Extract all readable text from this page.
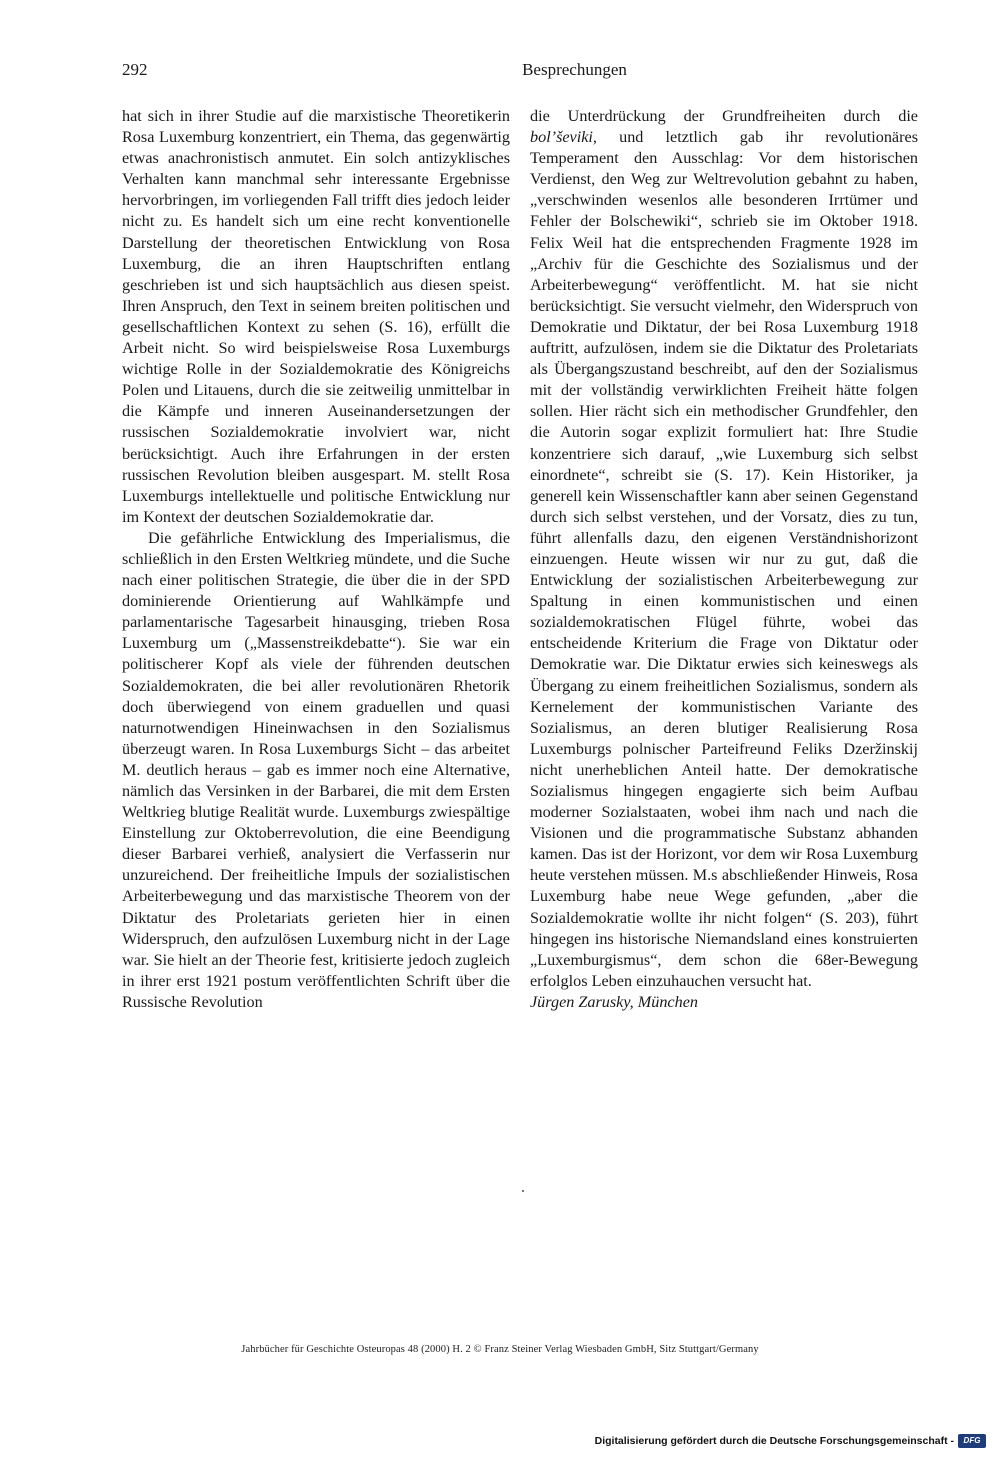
292	Besprechungen

hat sich in ihrer Studie auf die marxistische Theoretikerin Rosa Luxemburg konzentriert, ein Thema, das gegenwärtig etwas anachronistisch anmutet. Ein solch antizyklisches Verhalten kann manchmal sehr interessante Ergebnisse hervorbringen, im vorliegenden Fall trifft dies jedoch leider nicht zu. Es handelt sich um eine recht konventionelle Darstellung der theoretischen Entwicklung von Rosa Luxemburg, die an ihren Hauptschriften entlang geschrieben ist und sich hauptsächlich aus diesen speist. Ihren Anspruch, den Text in seinem breiten politischen und gesellschaftlichen Kontext zu sehen (S. 16), erfüllt die Arbeit nicht. So wird beispielsweise Rosa Luxemburgs wichtige Rolle in der Sozialdemokratie des Königreichs Polen und Litauens, durch die sie zeitweilig unmittelbar in die Kämpfe und inneren Auseinandersetzungen der russischen Sozialdemokratie involviert war, nicht berücksichtigt. Auch ihre Erfahrungen in der ersten russischen Revolution bleiben ausgespart. M. stellt Rosa Luxemburgs intellektuelle und politische Entwicklung nur im Kontext der deutschen Sozialdemokratie dar.

Die gefährliche Entwicklung des Imperialismus, die schließlich in den Ersten Weltkrieg mündete, und die Suche nach einer politischen Strategie, die über die in der SPD dominierende Orientierung auf Wahlkämpfe und parlamentarische Tagesarbeit hinausging, trieben Rosa Luxemburg um („Massenstreikdebatte“). Sie war ein politischerer Kopf als viele der führenden deutschen Sozialdemokraten, die bei aller revolutionären Rhetorik doch überwiegend von einem graduellen und quasi naturnotwendigen Hineinwachsen in den Sozialismus überzeugt waren. In Rosa Luxemburgs Sicht – das arbeitet M. deutlich heraus – gab es immer noch eine Alternative, nämlich das Versinken in der Barbarei, die mit dem Ersten Weltkrieg blutige Realität wurde. Luxemburgs zwiespältige Einstellung zur Oktoberrevolution, die eine Beendigung dieser Barbarei verhieß, analysiert die Verfasserin nur unzureichend. Der freiheitliche Impuls der sozialistischen Arbeiterbewegung und das marxistische Theorem von der Diktatur des Proletariats gerieten hier in einen Widerspruch, den aufzulösen Luxemburg nicht in der Lage war. Sie hielt an der Theorie fest, kritisierte jedoch zugleich in ihrer erst 1921 postum veröffentlichten Schrift über die Russische Revolution

die Unterdrückung der Grundfreiheiten durch die bol’ševiki, und letztlich gab ihr revolutionäres Temperament den Ausschlag: Vor dem historischen Verdienst, den Weg zur Weltrevolution gebahnt zu haben, „verschwinden wesenlos alle besonderen Irrtümer und Fehler der Bolschewiki“, schrieb sie im Oktober 1918. Felix Weil hat die entsprechenden Fragmente 1928 im „Archiv für die Geschichte des Sozialismus und der Arbeiterbewegung“ veröffentlicht. M. hat sie nicht berücksichtigt. Sie versucht vielmehr, den Widerspruch von Demokratie und Diktatur, der bei Rosa Luxemburg 1918 auftritt, aufzulösen, indem sie die Diktatur des Proletariats als Übergangszustand beschreibt, auf den der Sozialismus mit der vollständig verwirklichten Freiheit hätte folgen sollen. Hier rächt sich ein methodischer Grundfehler, den die Autorin sogar explizit formuliert hat: Ihre Studie konzentriere sich darauf, „wie Luxemburg sich selbst einordnete“, schreibt sie (S. 17). Kein Historiker, ja generell kein Wissenschaftler kann aber seinen Gegenstand durch sich selbst verstehen, und der Vorsatz, dies zu tun, führt allenfalls dazu, den eigenen Verständnishorizont einzuengen. Heute wissen wir nur zu gut, daß die Entwicklung der sozialistischen Arbeiterbewegung zur Spaltung in einen kommunistischen und einen sozialdemokratischen Flügel führte, wobei das entscheidende Kriterium die Frage von Diktatur oder Demokratie war. Die Diktatur erwies sich keineswegs als Übergang zu einem freiheitlichen Sozialismus, sondern als Kernelement der kommunistischen Variante des Sozialismus, an deren blutiger Realisierung Rosa Luxemburgs polnischer Parteifreund Feliks Dzeržinskij nicht unerheblichen Anteil hatte. Der demokratische Sozialismus hingegen engagierte sich beim Aufbau moderner Sozialstaaten, wobei ihm nach und nach die Visionen und die programmatische Substanz abhanden kamen. Das ist der Horizont, vor dem wir Rosa Luxemburg heute verstehen müssen. M.s abschließender Hinweis, Rosa Luxemburg habe neue Wege gefunden, „aber die Sozialdemokratie wollte ihr nicht folgen“ (S. 203), führt hingegen ins historische Niemandsland eines konstruierten „Luxemburgismus“, dem schon die 68er-Bewegung erfolglos Leben einzuhauchen versucht hat.

Jürgen Zarusky, München

Jahrbücher für Geschichte Osteuropas 48 (2000) H. 2 © Franz Steiner Verlag Wiesbaden GmbH, Sitz Stuttgart/Germany
Digitalisierung gefördert durch die Deutsche Forschungsgemeinschaft -	DFG
